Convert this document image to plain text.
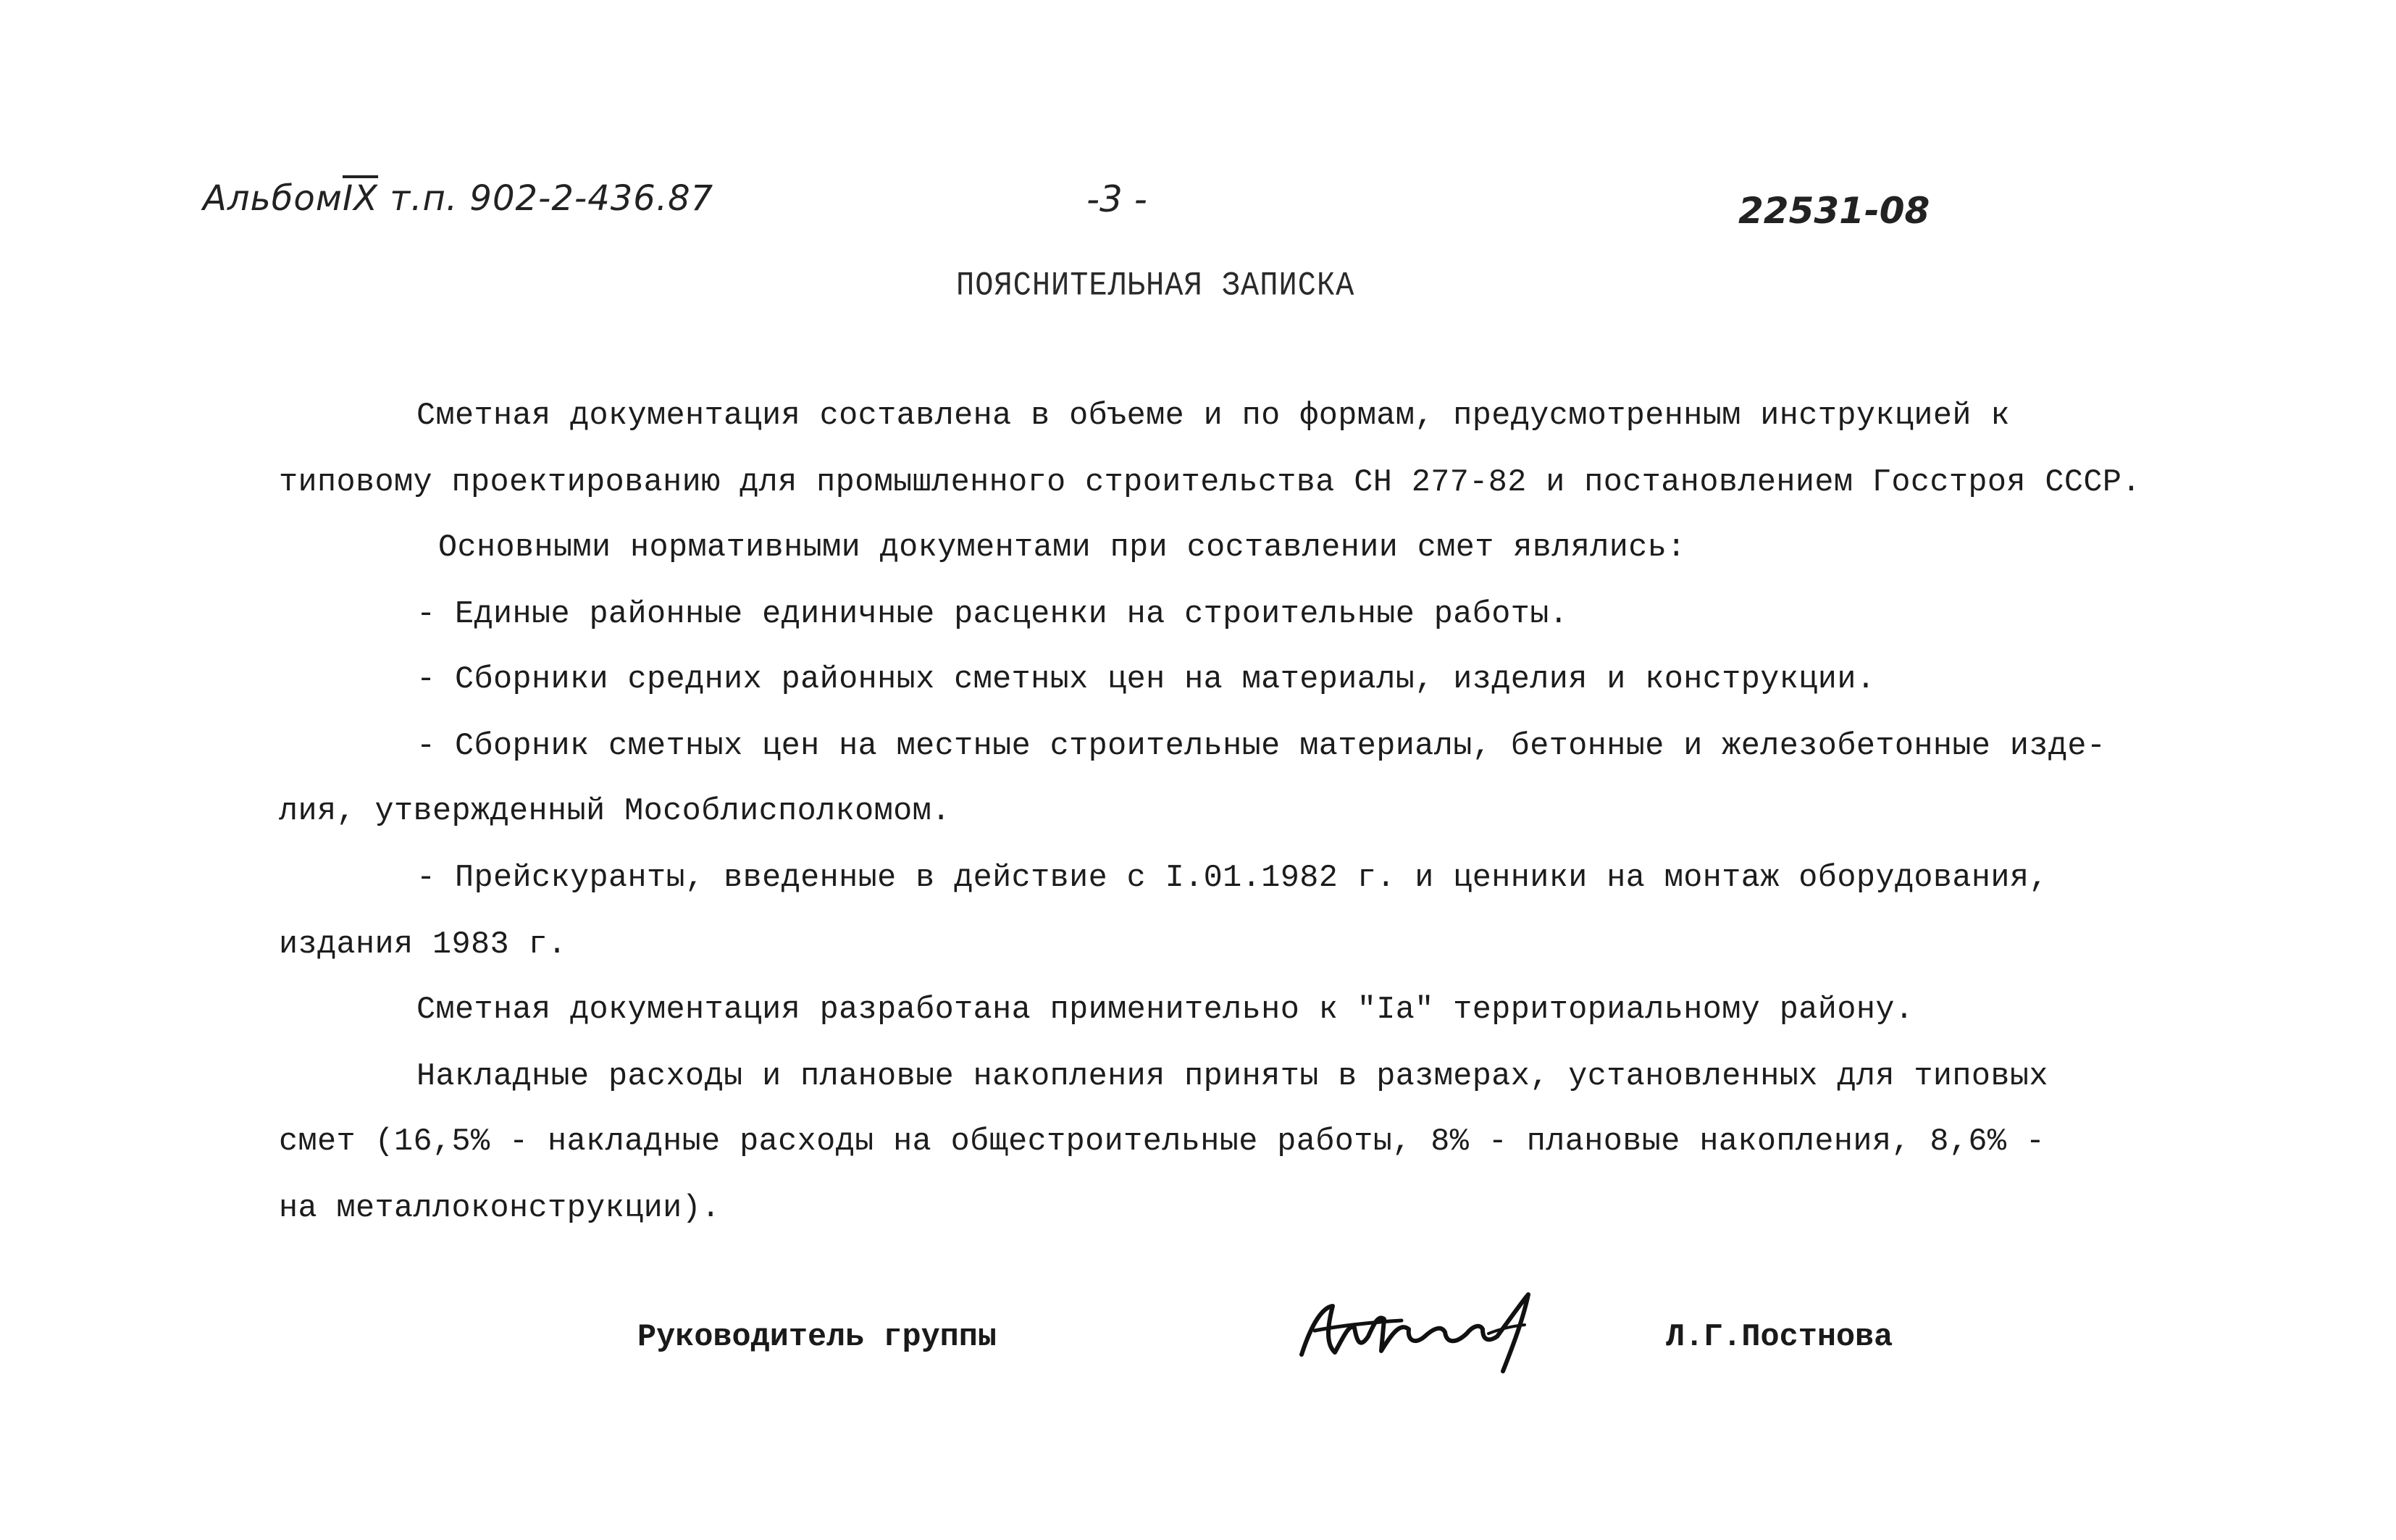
$Альбом\overline{IX}$ т.п. 902-2-436.87	-3 -	22531-08
ПОЯСНИТЕЛЬНАЯ ЗАПИСКА
Сметная документация составлена в объеме и по формам, предусмотренным инструкцией к
типовому проектированию для промышленного строительства СН 277-82 и постановлением Госстроя СССР.
Основными нормативными документами при составлении смет являлись:
- Единые районные единичные расценки на строительные работы.
- Сборники средних районных сметных цен на материалы, изделия и конструкции.
- Сборник сметных цен на местные строительные материалы, бетонные и железобетонные изде-
лия, утвержденный Мособлисполкомом.
- Прейскуранты, введенные в действие с I.01.1982 г. и ценники на монтаж оборудования,
издания 1983 г.
Сметная документация разработана применительно к "Iа" территориальному району.
Накладные расходы и плановые накопления приняты в размерах, установленных для типовых
смет (16,5% - накладные расходы на общестроительные работы, 8% - плановые накопления, 8,6% -
на металлоконструкции).
Руководитель группы	Л.Г.Постнова
